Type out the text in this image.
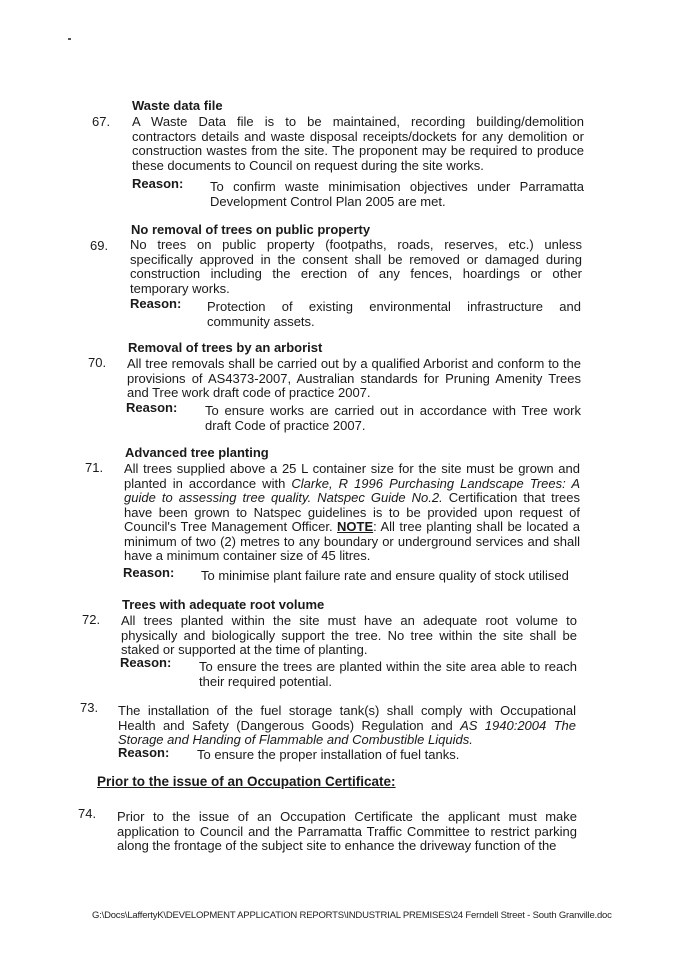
Waste data file
67. A Waste Data file is to be maintained, recording building/demolition contractors details and waste disposal receipts/dockets for any demolition or construction wastes from the site. The proponent may be required to produce these documents to Council on request during the site works.
Reason: To confirm waste minimisation objectives under Parramatta Development Control Plan 2005 are met.
No removal of trees on public property
69. No trees on public property (footpaths, roads, reserves, etc.) unless specifically approved in the consent shall be removed or damaged during construction including the erection of any fences, hoardings or other temporary works.
Reason: Protection of existing environmental infrastructure and community assets.
Removal of trees by an arborist
70. All tree removals shall be carried out by a qualified Arborist and conform to the provisions of AS4373-2007, Australian standards for Pruning Amenity Trees and Tree work draft code of practice 2007.
Reason: To ensure works are carried out in accordance with Tree work draft Code of practice 2007.
Advanced tree planting
71. All trees supplied above a 25 L container size for the site must be grown and planted in accordance with Clarke, R 1996 Purchasing Landscape Trees: A guide to assessing tree quality. Natspec Guide No.2. Certification that trees have been grown to Natspec guidelines is to be provided upon request of Council's Tree Management Officer. NOTE: All tree planting shall be located a minimum of two (2) metres to any boundary or underground services and shall have a minimum container size of 45 litres.
Reason: To minimise plant failure rate and ensure quality of stock utilised
Trees with adequate root volume
72. All trees planted within the site must have an adequate root volume to physically and biologically support the tree. No tree within the site shall be staked or supported at the time of planting.
Reason: To ensure the trees are planted within the site area able to reach their required potential.
73. The installation of the fuel storage tank(s) shall comply with Occupational Health and Safety (Dangerous Goods) Regulation and AS 1940:2004 The Storage and Handing of Flammable and Combustible Liquids.
Reason: To ensure the proper installation of fuel tanks.
Prior to the issue of an Occupation Certificate:
74. Prior to the issue of an Occupation Certificate the applicant must make application to Council and the Parramatta Traffic Committee to restrict parking along the frontage of the subject site to enhance the driveway function of the
G:\Docs\LaffertyK\DEVELOPMENT APPLICATION REPORTS\INDUSTRIAL PREMISES\24 Ferndell Street - South Granville.doc
